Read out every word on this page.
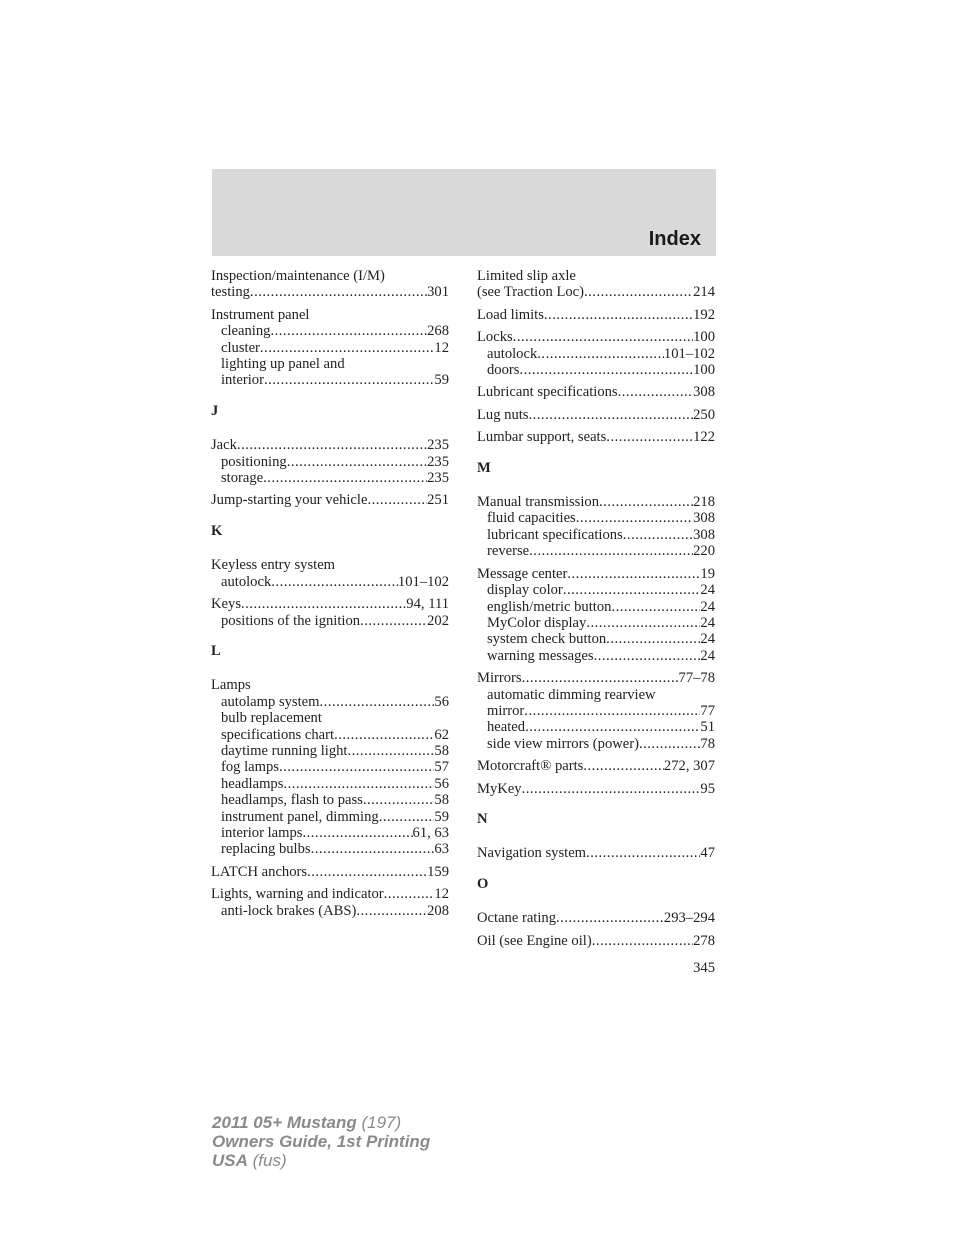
Index
Inspection/maintenance (I/M)
testing .....	301
Instrument panel
cleaning .....	268
cluster .....	12
lighting up panel and
interior .....	59
J
Jack .....	235
positioning .....	235
storage .....	235
Jump-starting your vehicle .....	251
K
Keyless entry system
autolock .....	101–102
Keys .....	94, 111
positions of the ignition .....	202
L
Lamps
autolamp system .....	56
bulb replacement
specifications chart .....	62
daytime running light .....	58
fog lamps .....	57
headlamps .....	56
headlamps, flash to pass .....	58
instrument panel, dimming .....	59
interior lamps .....	61, 63
replacing bulbs .....	63
LATCH anchors .....	159
Lights, warning and indicator .....	12
anti-lock brakes (ABS) .....	208
Limited slip axle
(see Traction Loc) .....	214
Load limits .....	192
Locks .....	100
autolock .....	101–102
doors .....	100
Lubricant specifications .....	308
Lug nuts .....	250
Lumbar support, seats .....	122
M
Manual transmission .....	218
fluid capacities .....	308
lubricant specifications .....	308
reverse .....	220
Message center .....	19
display color .....	24
english/metric button .....	24
MyColor display .....	24
system check button .....	24
warning messages .....	24
Mirrors .....	77–78
automatic dimming rearview
mirror .....	77
heated .....	51
side view mirrors (power) .....	78
Motorcraft® parts .....	272, 307
MyKey .....	95
N
Navigation system .....	47
O
Octane rating .....	293–294
Oil (see Engine oil) .....	278
345
2011 05+ Mustang (197)
Owners Guide, 1st Printing
USA (fus)
